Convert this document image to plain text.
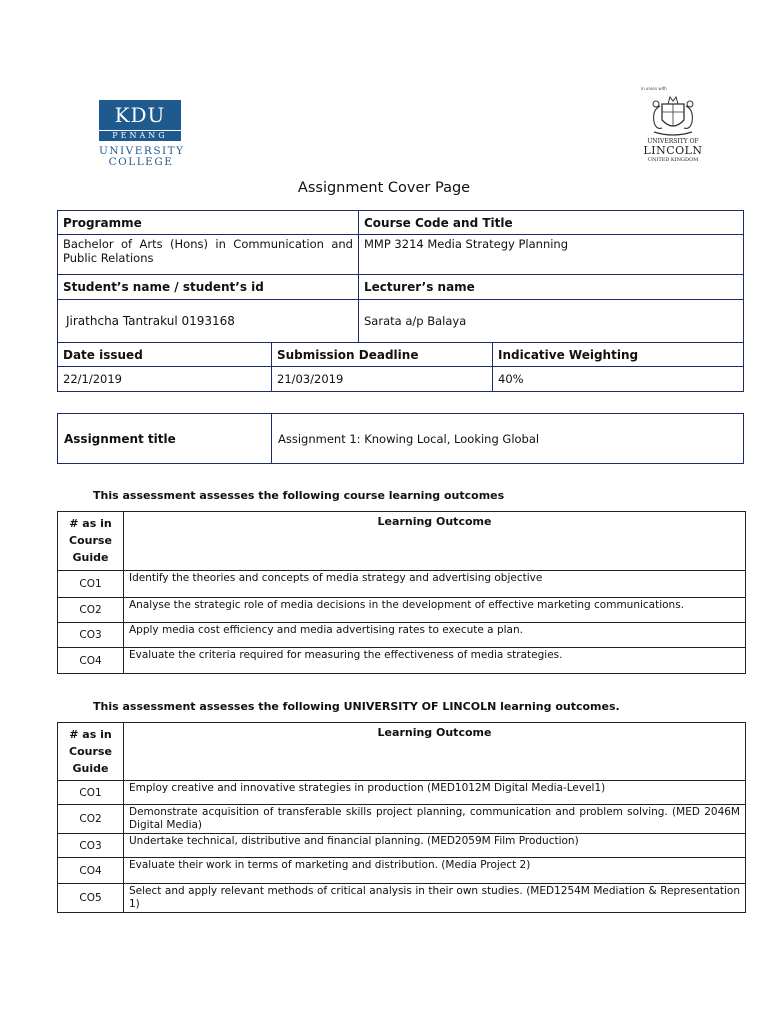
KDU
PENANG
UNIVERSITY
COLLEGE
in union with
UNIVERSITY OF
LINCOLN
UNITED KINGDOM
Assignment Cover Page
Programme		Course Code and Title	
Bachelor of Arts (Hons) in Communication and Public Relations		MMP 3214 Media Strategy Planning	
Student’s name / student’s id		Lecturer’s name	
Jirathcha Tantrakul 0193168		Sarata a/p Balaya	
Date issued	Submission Deadline		Indicative Weighting
22/1/2019	21/03/2019		40%
Assignment title	Assignment 1: Knowing Local, Looking Global
This assessment assesses the following course learning outcomes
# as in Course Guide	Learning Outcome
CO1	Identify the theories and concepts of media strategy and advertising objective
CO2	Analyse the strategic role of media decisions in the development of effective marketing communications.
CO3	Apply media cost efficiency and media advertising rates to execute a plan.
CO4	Evaluate the criteria required for measuring the effectiveness of media strategies.
This assessment assesses the following UNIVERSITY OF LINCOLN learning outcomes.
# as in Course Guide	Learning Outcome
CO1	Employ creative and innovative strategies in production (MED1012M Digital Media-Level1)
CO2	Demonstrate acquisition of transferable skills project planning, communication and problem solving. (MED 2046M Digital Media)
CO3	Undertake technical, distributive and financial planning. (MED2059M Film Production)
CO4	Evaluate their work in terms of marketing and distribution. (Media Project 2)
CO5	Select and apply relevant methods of critical analysis in their own studies. (MED1254M Mediation & Representation 1)
